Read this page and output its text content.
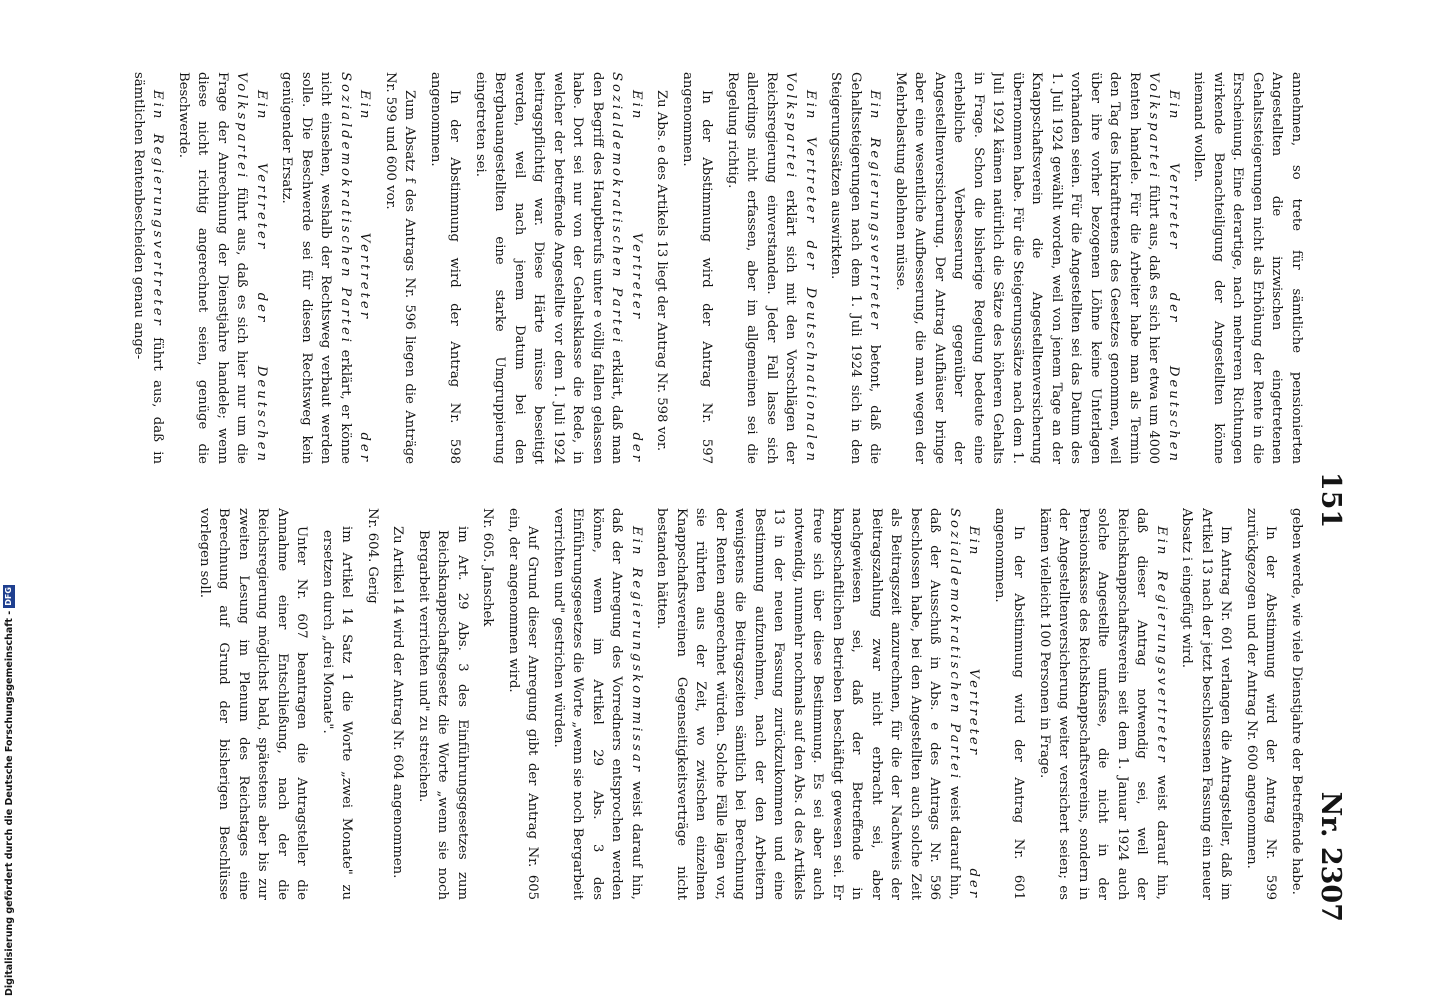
151
Nr. 2307

annehmen, so trete für sämtliche pensionierten Angestellten die inzwischen eingetretenen Gehaltssteigerungen nicht als Erhöhung der Rente in die Erscheinung. Eine derartige, nach mehreren Richtungen wirkende Benachteiligung der Angestellten könne niemand wollen.

Ein Vertreter der Deutschen Volkspartei führt aus, daß es sich hier etwa um 4000 Renten handele. Für die Arbeiter habe man als Termin den Tag des Inkrafttretens des Gesetzes genommen, weil über ihre vorher bezogenen Löhne keine Unterlagen vorhanden seien. Für die Angestellten sei das Datum des 1. Juli 1924 gewählt worden, weil von jenem Tage an der Knappschaftsverein die Angestelltenversicherung übernommen habe. Für die Steigerungssätze nach dem 1. Juli 1924 kämen natürlich die Sätze des höheren Gehalts in Frage. Schon die bisherige Regelung bedeute eine erhebliche Verbesserung gegenüber der Angestelltenversicherung. Der Antrag Aufhäuser bringe aber eine wesentliche Aufbesserung, die man wegen der Mehrbelastung ablehnen müsse.

Ein Regierungsvertreter betont, daß die Gehaltssteigerungen nach dem 1. Juli 1924 sich in den Steigerungssätzen auswirkten.

Ein Vertreter der Deutschnationalen Volkspartei erklärt sich mit den Vorschlägen der Reichsregierung einverstanden. Jeder Fall lasse sich allerdings nicht erfassen, aber im allgemeinen sei die Regelung richtig.

In der Abstimmung wird der Antrag Nr. 597 angenommen.

Zu Abs. e des Artikels 13 liegt der Antrag Nr. 598 vor.

Ein Vertreter der Sozialdemokratischen Partei erklärt, daß man den Begriff des Hauptberufs unter e völlig fallen gelassen habe. Dort sei nur von der Gehaltsklasse die Rede, in welcher der betreffende Angestellte vor dem 1. Juli 1924 beitragspflichtig war. Diese Härte müsse beseitigt werden, weil nach jenem Datum bei den Bergbauangestellten eine starke Umgruppierung eingetreten sei.

In der Abstimmung wird der Antrag Nr. 598 angenommen.

Zum Absatz f des Antrags Nr. 596 liegen die Anträge Nr. 599 und 600 vor.

Ein Vertreter der Sozialdemokratischen Partei erklärt, er könne nicht einsehen, weshalb der Rechtsweg verbaut werden solle. Die Beschwerde sei für diesen Rechtsweg kein genügender Ersatz.

Ein Vertreter der Deutschen Volkspartei führt aus, daß es sich hier nur um die Frage der Anrechnung der Dienstjahre handele; wenn diese nicht richtig angerechnet seien, genüge die Beschwerde.

Ein Regierungsvertreter führt aus, daß in sämtlichen Rentenbescheiden genau ange-

geben werde, wie viele Dienstjahre der Betreffende habe.

In der Abstimmung wird der Antrag Nr. 599 zurückgezogen und der Antrag Nr. 600 angenommen.

Im Antrag Nr. 601 verlangen die Antragsteller, daß im Artikel 13 nach der jetzt beschlossenen Fassung ein neuer Absatz i eingefügt wird.

Ein Regierungsvertreter weist darauf hin, daß dieser Antrag notwendig sei, weil der Reichsknappschaftsverein seit dem 1. Januar 1924 auch solche Angestellte umfasse, die nicht in der Pensionskasse des Reichsknappschaftsvereins, sondern in der Angestelltenversicherung weiter versichert seien; es kämen vielleicht 100 Personen in Frage.

In der Abstimmung wird der Antrag Nr. 601 angenommen.

Ein Vertreter der Sozialdemokratischen Partei weist darauf hin, daß der Ausschuß in Abs. e des Antrags Nr. 596 beschlossen habe, bei den Angestellten auch solche Zeit als Beitragszeit anzurechnen, für die der Nachweis der Beitragszahlung zwar nicht erbracht sei, aber nachgewiesen sei, daß der Betreffende in knappschaftlichen Betrieben beschäftigt gewesen sei. Er freue sich über diese Bestimmung. Es sei aber auch notwendig, nunmehr nochmals auf den Abs. d des Artikels 13 in der neuen Fassung zurückzukommen und eine Bestimmung aufzunehmen, nach der den Arbeitern wenigstens die Beitragszeiten sämtlich bei Berechnung der Renten angerechnet würden. Solche Fälle lägen vor, sie rührten aus der Zeit, wo zwischen einzelnen Knappschaftsvereinen Gegenseitigkeitsverträge nicht bestanden hätten.

Ein Regierungskommissar weist darauf hin, daß der Anregung des Vorredners entsprochen werden könne, wenn im Artikel 29 Abs. 3 des Einführungsgesetzes die Worte „wenn sie noch Bergarbeit verrichten und" gestrichen würden.

Auf Grund dieser Anregung gibt der Antrag Nr. 605 ein, der angenommen wird.

Nr. 605. Janschek

im Art. 29 Abs. 3 des Einführungsgesetzes zum Reichsknappschaftsgesetz die Worte „wenn sie noch Bergarbeit verrichten und" zu streichen.

Zu Artikel 14 wird der Antrag Nr. 604 angenommen.

Nr. 604. Gerig

im Artikel 14 Satz 1 die Worte „zwei Monate" zu ersetzen durch „drei Monate".

Unter Nr. 607 beantragen die Antragsteller die Annahme einer Entschließung, nach der die Reichsregierung möglichst bald, spätestens aber bis zur zweiten Lesung im Plenum des Reichstages eine Berechnung auf Grund der bisherigen Beschlüsse vorlegen soll.

Digitalisierung gefördert durch die Deutsche Forschungsgemeinschaft -
DFG
